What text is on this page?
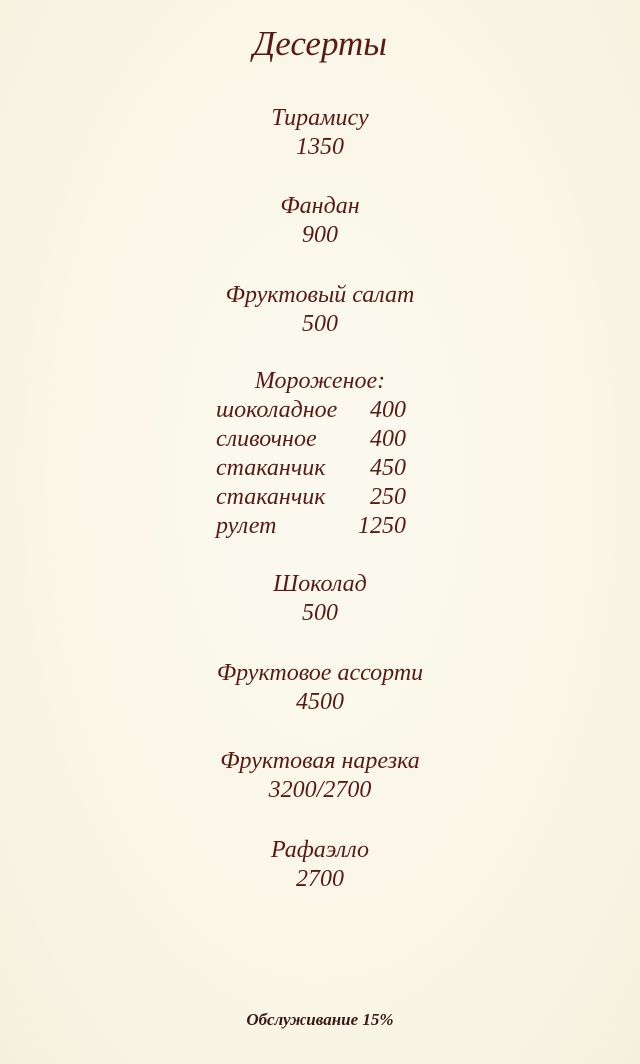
Десерты
Тирамису
1350
Фандан
900
Фруктовый салат
500
Мороженое:
шоколадное 400
сливочное 400
стаканчик 450
стаканчик 250
рулет	1250
Шоколад
500
Фруктовое ассорти
4500
Фруктовая нарезка
3200/2700
Рафаэлло
2700
Обслуживание 15%
